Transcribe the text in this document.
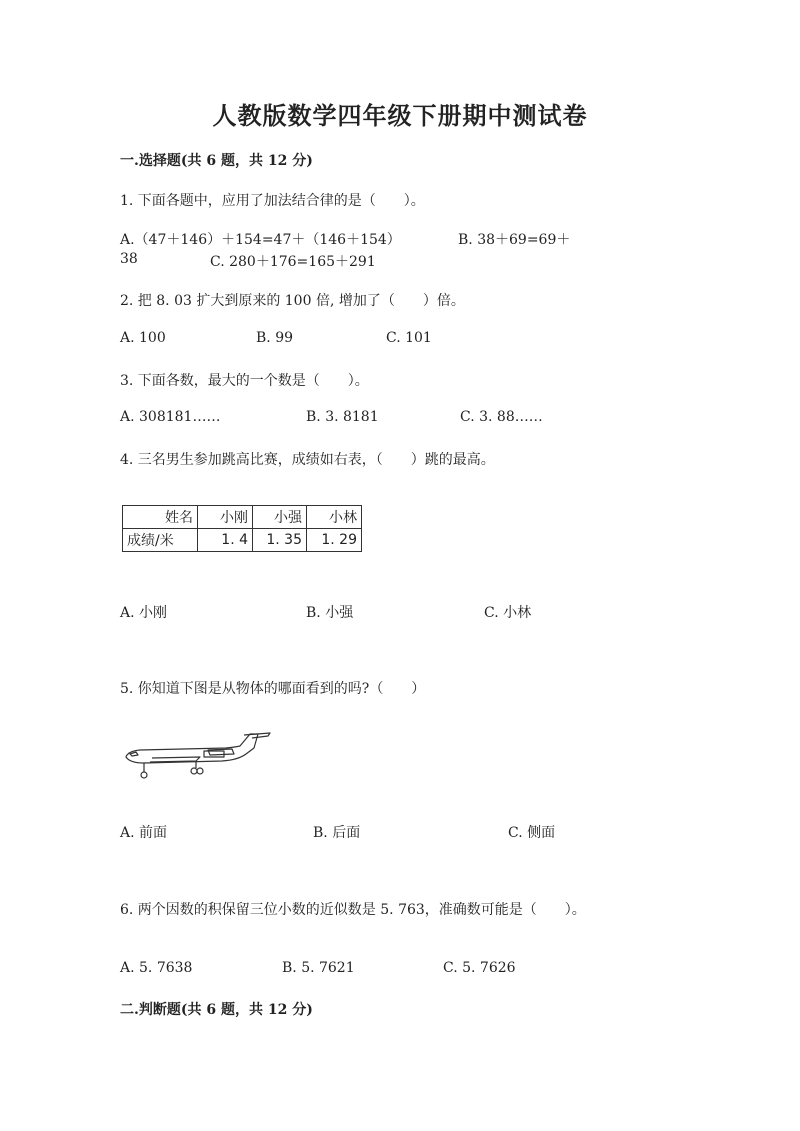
人教版数学四年级下册期中测试卷
一.选择题(共 6 题，共 12 分)
1. 下面各题中，应用了加法结合律的是（　　）。
A.（47＋146）＋154=47＋（146＋154）	B. 38＋69=69＋
38	C. 280＋176=165＋291
2. 把 8. 03 扩大到原来的 100 倍, 增加了（　　）倍。
A. 100	B. 99	C. 101
3. 下面各数，最大的一个数是（　　）。
A. 308181……	B. 3. 8181	C. 3. 88……
4. 三名男生参加跳高比赛，成绩如右表，（　　）跳的最高。
姓名	小刚	小强	小林
成绩/米	1. 4	1. 35	1. 29
A. 小刚	B. 小强	C. 小林
5. 你知道下图是从物体的哪面看到的吗?（　　）
A. 前面	B. 后面	C. 侧面
6. 两个因数的积保留三位小数的近似数是 5. 763，准确数可能是（　　）。
A. 5. 7638	B. 5. 7621	C. 5. 7626
二.判断题(共 6 题，共 12 分)
